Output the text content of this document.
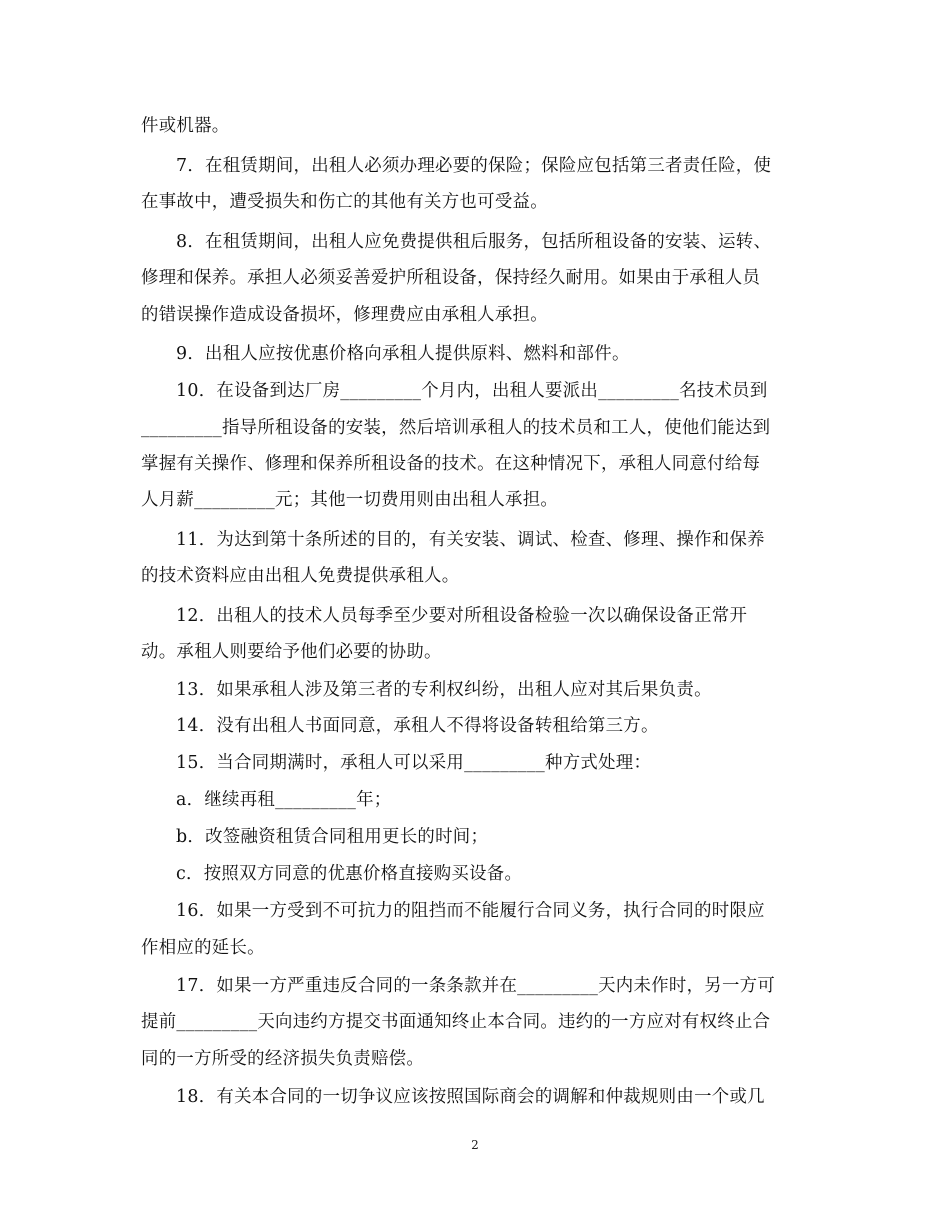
件或机器。
7．在租赁期间，出租人必须办理必要的保险；保险应包括第三者责任险，使
在事故中，遭受损失和伤亡的其他有关方也可受益。
8．在租赁期间，出租人应免费提供租后服务，包括所租设备的安装、运转、
修理和保养。承担人必须妥善爱护所租设备，保持经久耐用。如果由于承租人员
的错误操作造成设备损坏，修理费应由承租人承担。
9．出租人应按优惠价格向承租人提供原料、燃料和部件。
10．在设备到达厂房_________个月内，出租人要派出_________名技术员到
_________指导所租设备的安装，然后培训承租人的技术员和工人，使他们能达到
掌握有关操作、修理和保养所租设备的技术。在这种情况下，承租人同意付给每
人月薪_________元；其他一切费用则由出租人承担。
11．为达到第十条所述的目的，有关安装、调试、检查、修理、操作和保养
的技术资料应由出租人免费提供承租人。
12．出租人的技术人员每季至少要对所租设备检验一次以确保设备正常开
动。承租人则要给予他们必要的协助。
13．如果承租人涉及第三者的专利权纠纷，出租人应对其后果负责。
14．没有出租人书面同意，承租人不得将设备转租给第三方。
15．当合同期满时，承租人可以采用_________种方式处理：
a．继续再租_________年；
b．改签融资租赁合同租用更长的时间；
c．按照双方同意的优惠价格直接购买设备。
16．如果一方受到不可抗力的阻挡而不能履行合同义务，执行合同的时限应
作相应的延长。
17．如果一方严重违反合同的一条条款并在_________天内未作时，另一方可
提前_________天向违约方提交书面通知终止本合同。违约的一方应对有权终止合
同的一方所受的经济损失负责赔偿。
18．有关本合同的一切争议应该按照国际商会的调解和仲裁规则由一个或几
2
